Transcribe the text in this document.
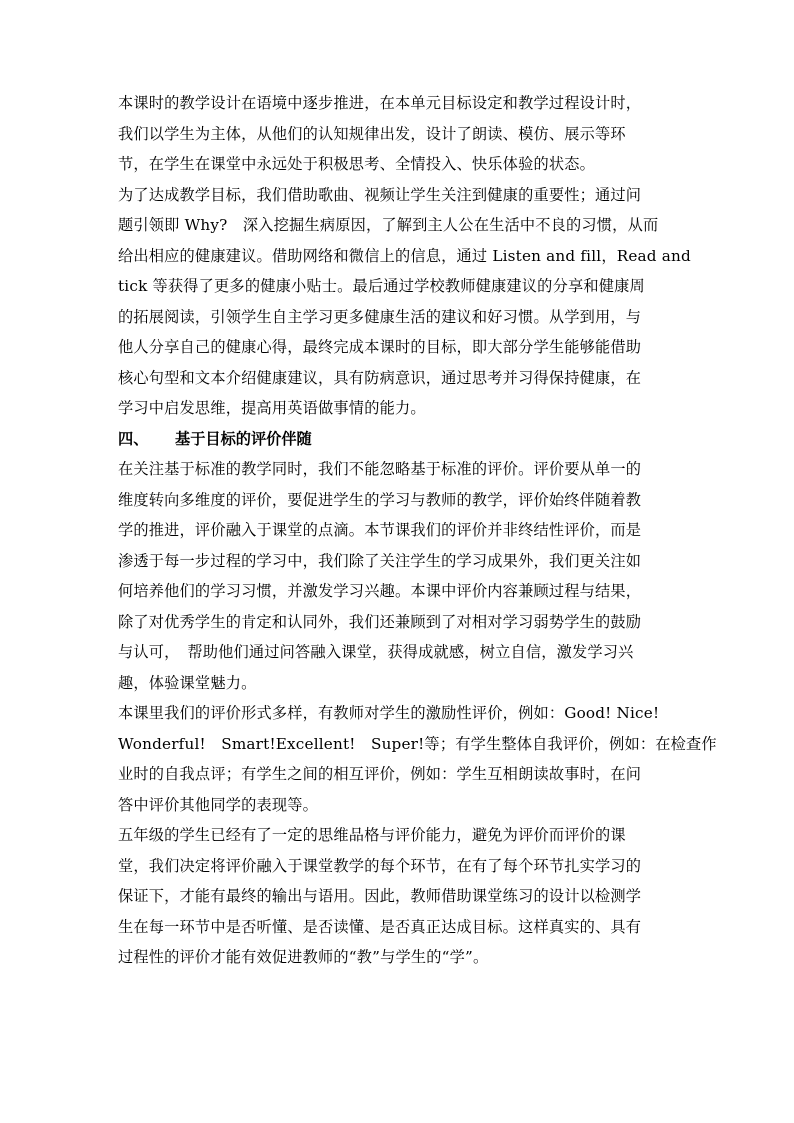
本课时的教学设计在语境中逐步推进，在本单元目标设定和教学过程设计时，
我们以学生为主体，从他们的认知规律出发，设计了朗读、模仿、展示等环
节，在学生在课堂中永远处于积极思考、全情投入、快乐体验的状态。

为了达成教学目标，我们借助歌曲、视频让学生关注到健康的重要性；通过问
题引领即 Why?　深入挖掘生病原因，了解到主人公在生活中不良的习惯，从而
给出相应的健康建议。借助网络和微信上的信息，通过 Listen and fill，Read and
tick 等获得了更多的健康小贴士。最后通过学校教师健康建议的分享和健康周
的拓展阅读，引领学生自主学习更多健康生活的建议和好习惯。从学到用，与
他人分享自己的健康心得，最终完成本课时的目标，即大部分学生能够能借助
核心句型和文本介绍健康建议，具有防病意识，通过思考并习得保持健康，在
学习中启发思维，提高用英语做事情的能力。

四、 基于目标的评价伴随

在关注基于标准的教学同时，我们不能忽略基于标准的评价。评价要从单一的
维度转向多维度的评价，要促进学生的学习与教师的教学，评价始终伴随着教
学的推进，评价融入于课堂的点滴。本节课我们的评价并非终结性评价，而是
渗透于每一步过程的学习中，我们除了关注学生的学习成果外，我们更关注如
何培养他们的学习习惯，并激发学习兴趣。本课中评价内容兼顾过程与结果，
除了对优秀学生的肯定和认同外，我们还兼顾到了对相对学习弱势学生的鼓励
与认可，　帮助他们通过问答融入课堂，获得成就感，树立自信，激发学习兴
趣，体验课堂魅力。

本课里我们的评价形式多样，有教师对学生的激励性评价，例如：Good! Nice!
Wonderful!　Smart!Excellent!　Super!等；有学生整体自我评价，例如：在检查作
业时的自我点评；有学生之间的相互评价，例如：学生互相朗读故事时，在问
答中评价其他同学的表现等。

五年级的学生已经有了一定的思维品格与评价能力，避免为评价而评价的课
堂，我们决定将评价融入于课堂教学的每个环节，在有了每个环节扎实学习的
保证下，才能有最终的输出与语用。因此，教师借助课堂练习的设计以检测学
生在每一环节中是否听懂、是否读懂、是否真正达成目标。这样真实的、具有
过程性的评价才能有效促进教师的“教”与学生的“学”。
